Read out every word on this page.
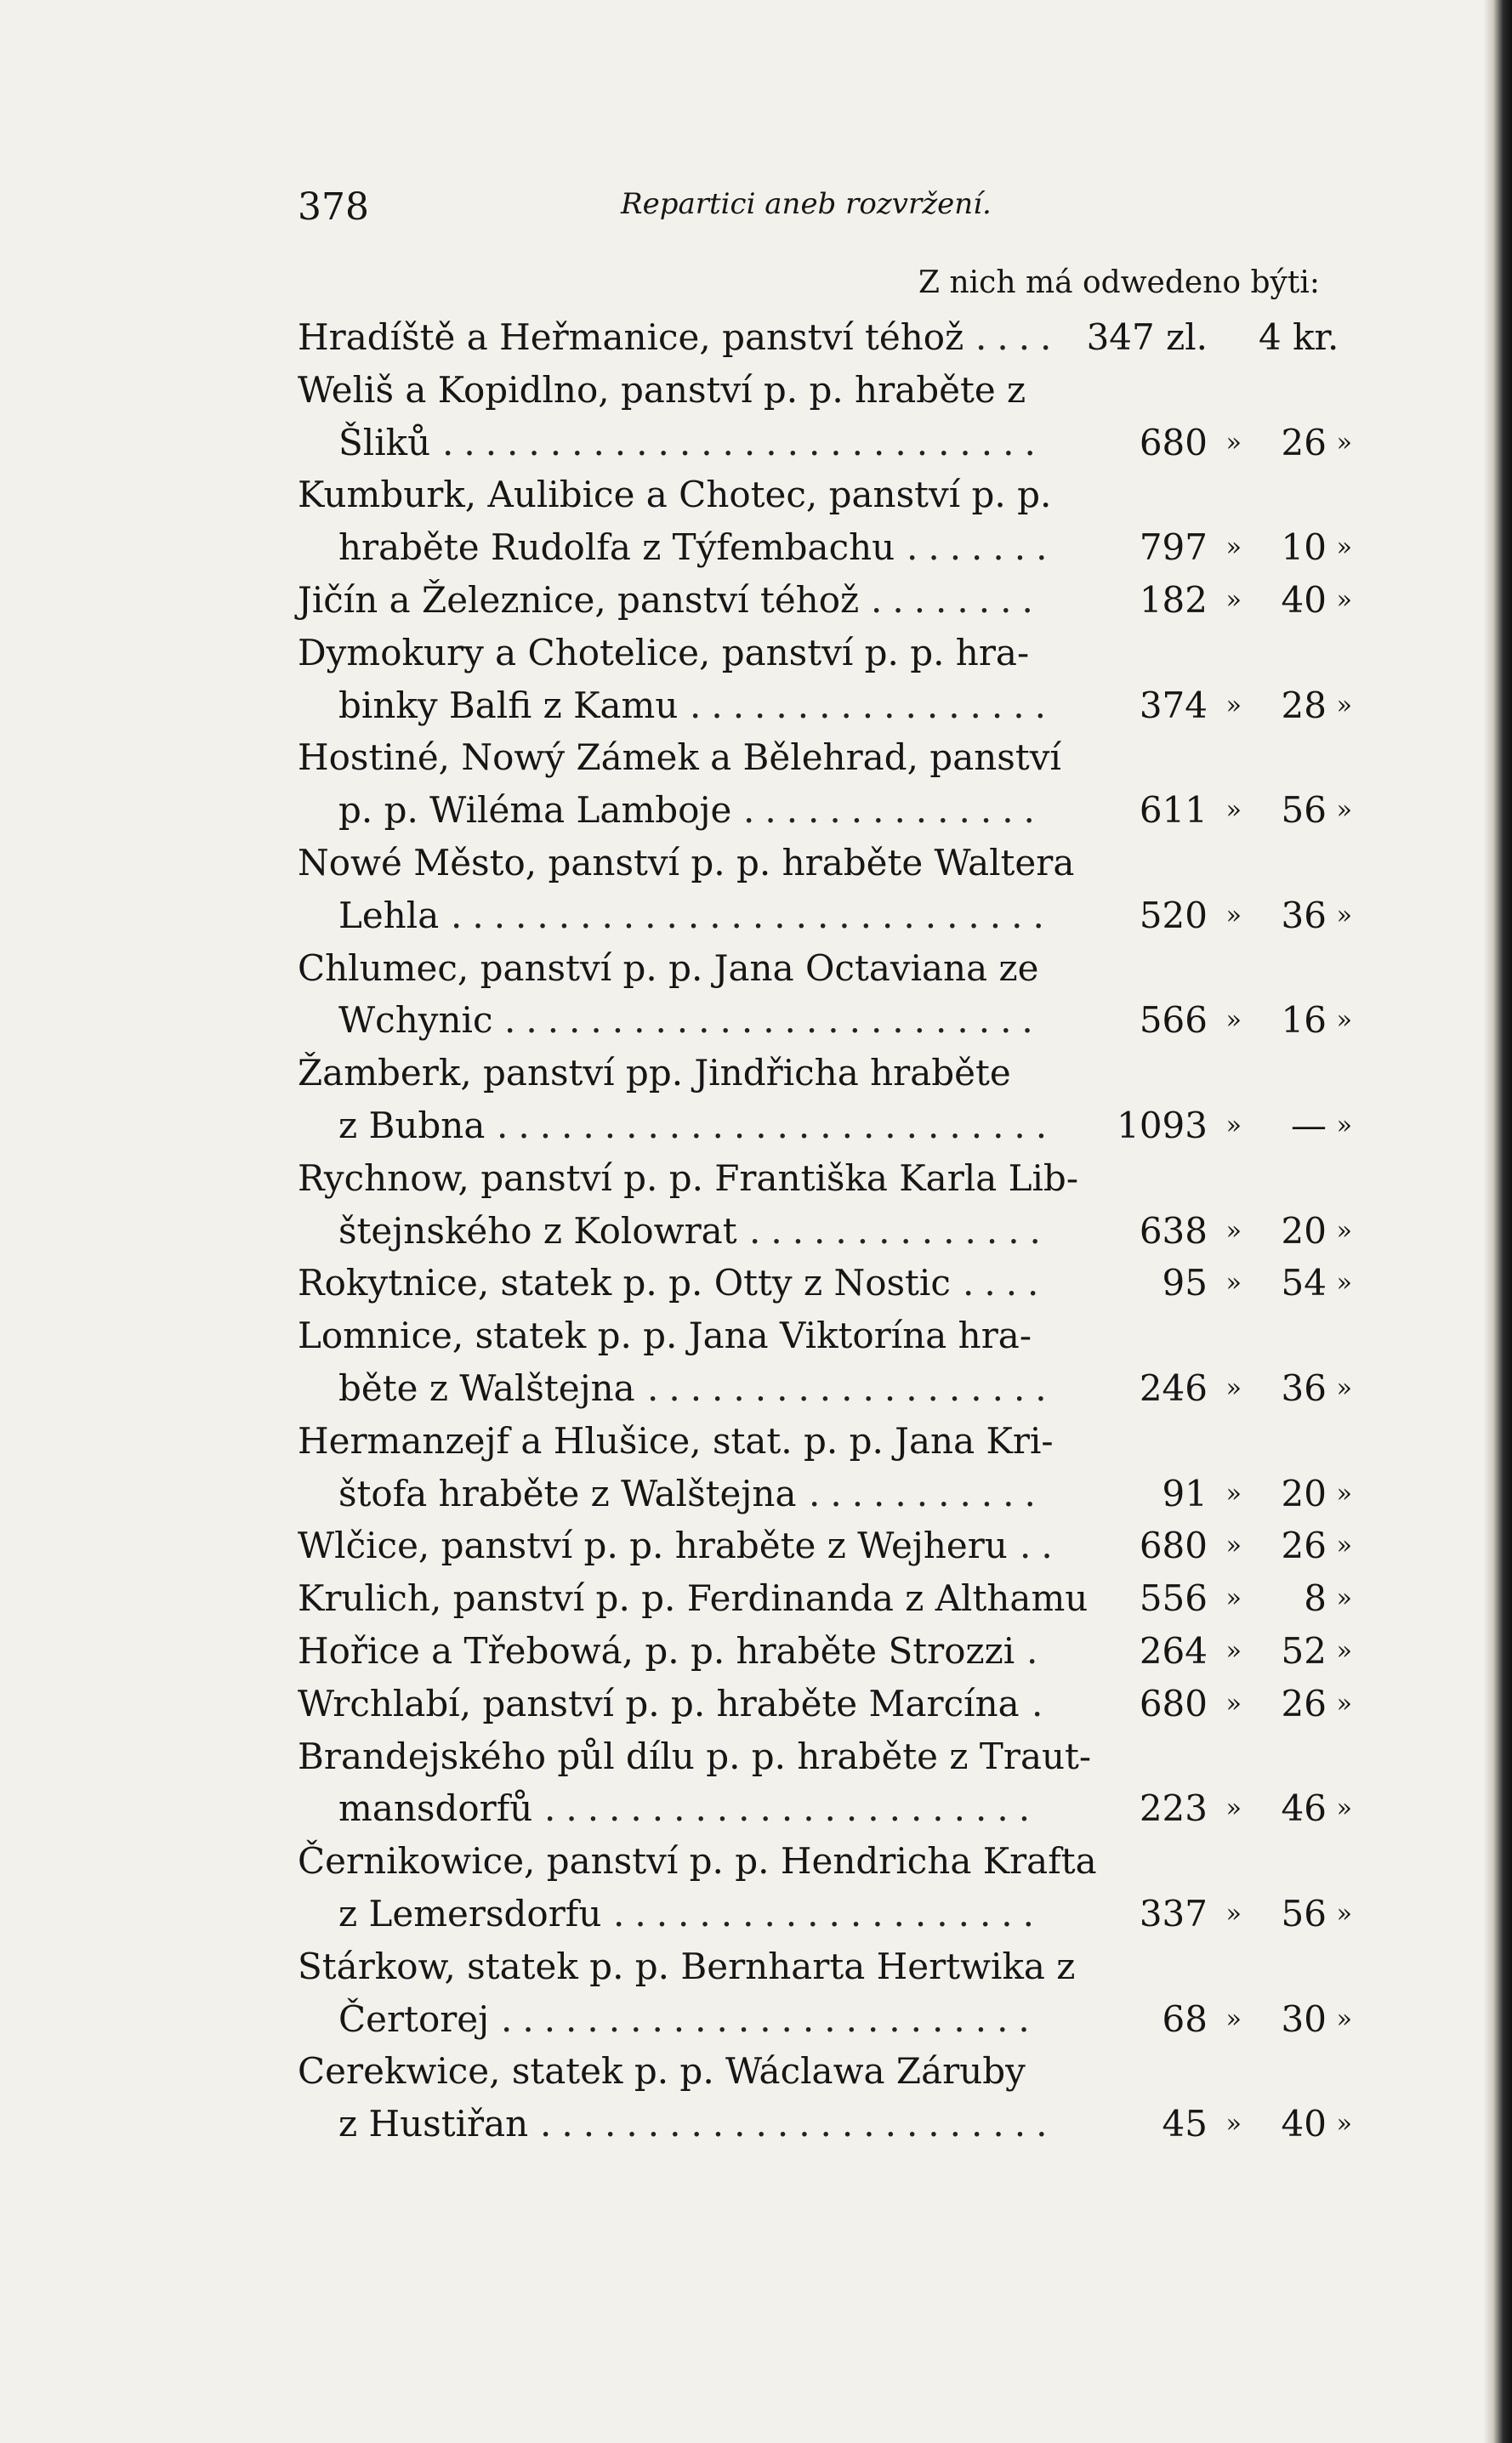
378	Repartici aneb rozvržení.
Z nich má odwedeno býti:
Hradíště a Heřmanice, panství téhož .... 347 zl. 4 kr.
Weliš a Kopidlno, panství p. p. hraběte z
Šliků ............................	680 »	26 »
Kumburk, Aulibice a Chotec, panství p. p.
hraběte Rudolfa z Týfembachu ....... 797 »	10 »
Jičín a Železnice, panství téhož ........	182 »	40 »
Dymokury a Chotelice, panství p. p. hra-
binky Balfi z Kamu ................. 374 »	28 »
Hostiné, Nowý Zámek a Bělehrad, panství
p. p. Wiléma Lamboje ..............	611 »	56 »
Nowé Město, panství p. p. hraběte Waltera
Lehla ............................ 520 »	36 »
Chlumec, panství p. p. Jana Octaviana ze
Wchynic .........................	566 »	16 »
Žamberk, panství pp. Jindřicha hraběte
z Bubna .......................... 1093 »	— »
Rychnow, panství p. p. Františka Karla Lib-
štejnského z Kolowrat .............. 638 »	20 »
Rokytnice, statek p. p. Otty z Nostic ....	95 »	54 »
Lomnice, statek p. p. Jana Viktorína hra-
běte z Walštejna ................... 246 »	36 »
Hermanzejf a Hlušice, stat. p. p. Jana Kri-
štofa hraběte z Walštejna ...........	91 »	20 »
Wlčice, panství p. p. hraběte z Wejheru .. 680 »	26 »
Krulich, panství p. p. Ferdinanda z Althamu 556 »	8 »
Hořice a Třebowá, p. p. hraběte Strozzi .	264 »	52 »
Wrchlabí, panství p. p. hraběte Marcína . 680 »	26 »
Brandejského půl dílu p. p. hraběte z Traut-
mansdorfů .......................	223 »	46 »
Černikowice, panství p. p. Hendricha Krafta
z Lemersdorfu ....................	337 »	56 »
Stárkow, statek p. p. Bernharta Hertwika z
Čertorej .........................	68 »	30 »
Cerekwice, statek p. p. Wáclawa Záruby
z Hustiřan ........................	45 »	40 »
